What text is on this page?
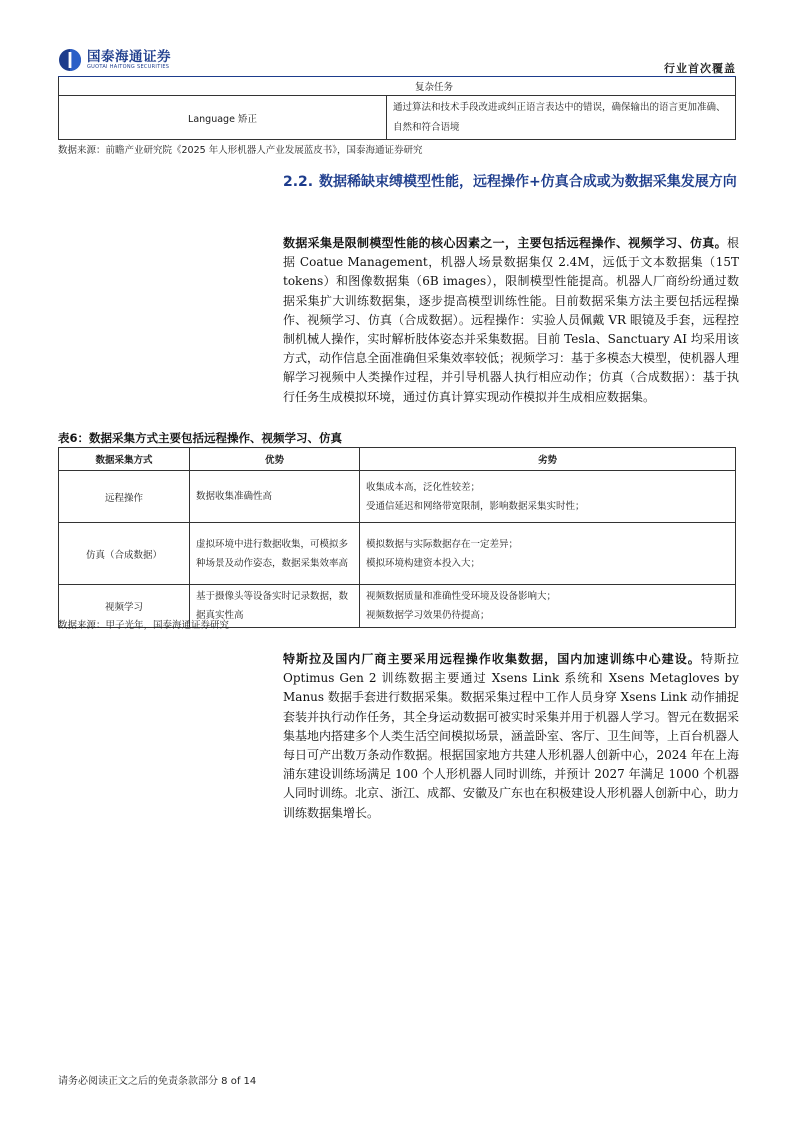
国泰海通证券
GUOTAI HAITONG SECURITIES	行业首次覆盖
复杂任务
Language 矫正	通过算法和技术手段改进或纠正语言表达中的错误，确保输出的语言更加准确、自然和符合语境
数据来源：前瞻产业研究院《2025 年人形机器人产业发展蓝皮书》，国泰海通证券研究
2.2. 数据稀缺束缚模型性能，远程操作+仿真合成或为数据采集发展方向
数据采集是限制模型性能的核心因素之一，主要包括远程操作、视频学习、仿真。根据 Coatue Management，机器人场景数据集仅 2.4M，远低于文本数据集（15T tokens）和图像数据集（6B images），限制模型性能提高。机器人厂商纷纷通过数据采集扩大训练数据集，逐步提高模型训练性能。目前数据采集方法主要包括远程操作、视频学习、仿真（合成数据）。远程操作：实验人员佩戴 VR 眼镜及手套，远程控制机械人操作，实时解析肢体姿态并采集数据。目前 Tesla、Sanctuary AI 均采用该方式，动作信息全面准确但采集效率较低；视频学习：基于多模态大模型，使机器人理解学习视频中人类操作过程，并引导机器人执行相应动作；仿真（合成数据）：基于执行任务生成模拟环境，通过仿真计算实现动作模拟并生成相应数据集。
表6：数据采集方式主要包括远程操作、视频学习、仿真
数据采集方式	优势	劣势
远程操作	数据收集准确性高	收集成本高，泛化性较差；
受通信延迟和网络带宽限制，影响数据采集实时性；

仿真（合成数据）	虚拟环境中进行数据收集，可模拟多种场景及动作姿态，数据采集效率高	模拟数据与实际数据存在一定差异；
模拟环境构建资本投入大；

视频学习	基于摄像头等设备实时记录数据，数据真实性高	视频数据质量和准确性受环境及设备影响大；
视频数据学习效果仍待提高；
数据来源：甲子光年，国泰海通证券研究
特斯拉及国内厂商主要采用远程操作收集数据，国内加速训练中心建设。特斯拉 Optimus Gen 2 训练数据主要通过 Xsens Link 系统和 Xsens Metagloves by Manus 数据手套进行数据采集。数据采集过程中工作人员身穿 Xsens Link 动作捕捉套装并执行动作任务，其全身运动数据可被实时采集并用于机器人学习。智元在数据采集基地内搭建多个人类生活空间模拟场景，涵盖卧室、客厅、卫生间等，上百台机器人每日可产出数万条动作数据。根据国家地方共建人形机器人创新中心，2024 年在上海浦东建设训练场满足 100 个人形机器人同时训练，并预计 2027 年满足 1000 个机器人同时训练。北京、浙江、成都、安徽及广东也在积极建设人形机器人创新中心，助力训练数据集增长。
请务必阅读正文之后的免责条款部分 8 of 14
